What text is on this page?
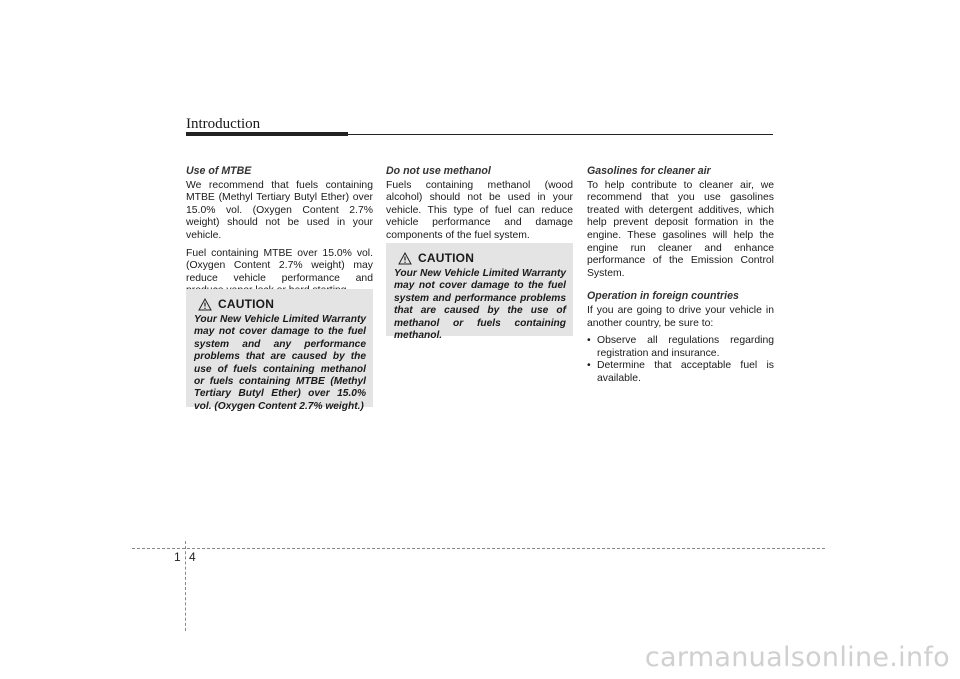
Introduction
Use of MTBE

We recommend that fuels containing MTBE (Methyl Tertiary Butyl Ether) over 15.0% vol. (Oxygen Content 2.7% weight) should not be used in your vehicle.

Fuel containing MTBE over 15.0% vol. (Oxygen Content 2.7% weight) may reduce vehicle performance and

CAUTION

Your New Vehicle Limited Warranty may not cover damage to the fuel system and any performance problems that are caused by the use of fuels containing methanol or fuels containing MTBE (Methyl Tertiary Butyl Ether) over 15.0% vol. (Oxygen Content 2.7% weight.)

Do not use methanol

Fuels containing methanol (wood alcohol) should not be used in your vehicle. This type of fuel can reduce vehicle performance and damage components of the fuel system.

CAUTION

Your New Vehicle Limited Warranty may not cover damage to the fuel system and performance problems that are caused by the use of methanol or fuels containing methanol.

Gasolines for cleaner air

To help contribute to cleaner air, we recommend that you use gasolines treated with detergent additives, which help prevent deposit formation in the engine. These gasolines will help the engine run cleaner and enhance performance of the Emission Control System.

Operation in foreign countries

If you are going to drive your vehicle in another country, be sure to:

• Observe all regulations regarding registration and insurance.
• Determine that acceptable fuel is available.
1 4
carmanualsonline.info
